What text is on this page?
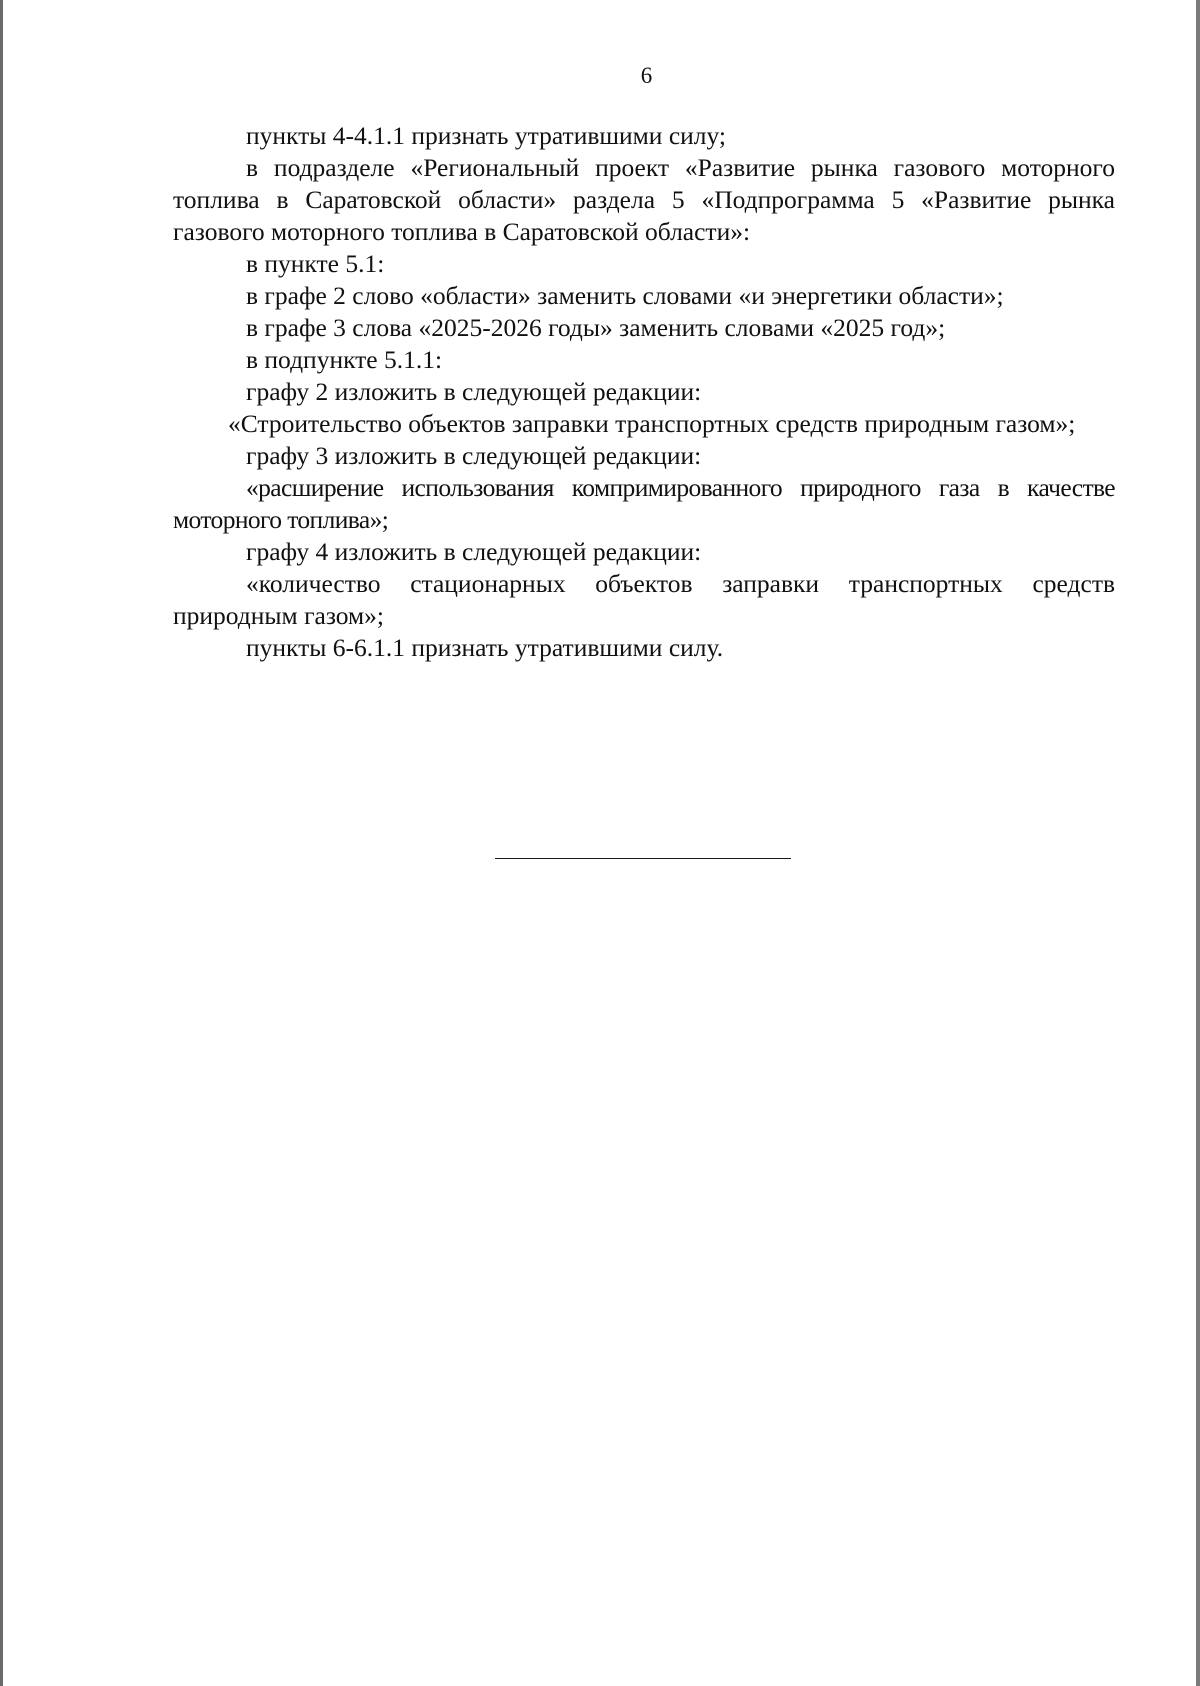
6

пункты 4-4.1.1 признать утратившими силу;

в подразделе «Региональный проект «Развитие рынка газового моторного топлива в Саратовской области» раздела 5 «Подпрограмма 5 «Развитие рынка газового моторного топлива в Саратовской области»:

в пункте 5.1:

в графе 2 слово «области» заменить словами «и энергетики области»;

в графе 3 слова «2025-2026 годы» заменить словами «2025 год»;

в подпункте 5.1.1:

графу 2 изложить в следующей редакции:

«Строительство объектов заправки транспортных средств природным газом»;

графу 3 изложить в следующей редакции:

«расширение использования компримированного природного газа в качестве моторного топлива»;

графу 4 изложить в следующей редакции:

«количество стационарных объектов заправки транспортных средств природным газом»;

пункты 6-6.1.1 признать утратившими силу.
